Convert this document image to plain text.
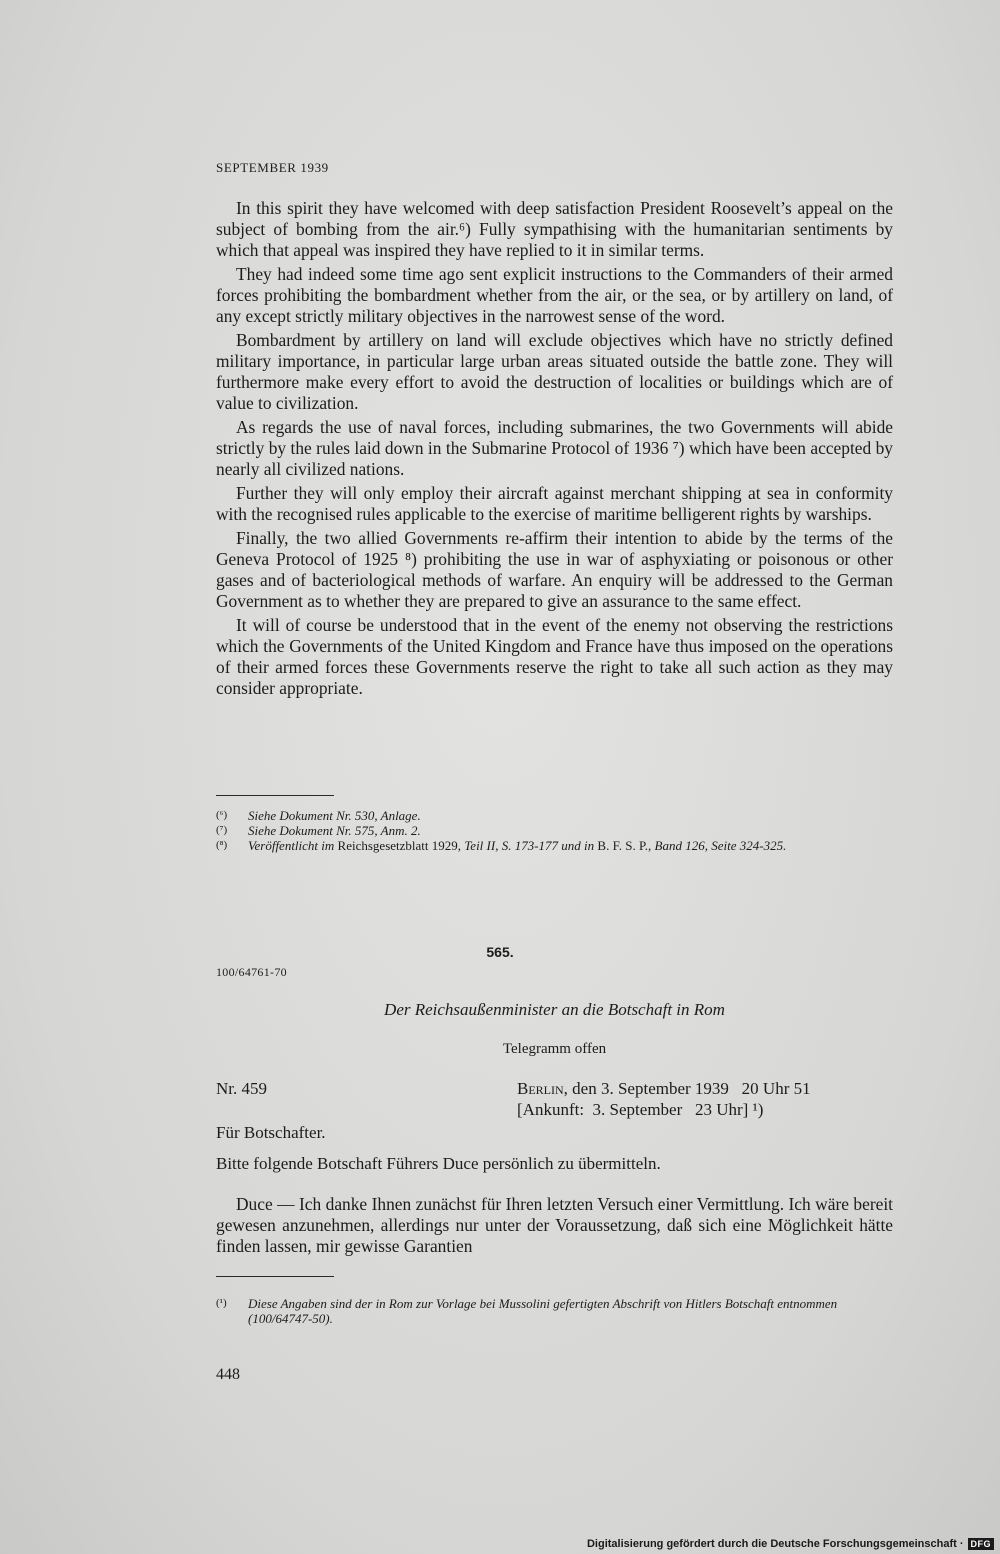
SEPTEMBER 1939

In this spirit they have welcomed with deep satisfaction President Roosevelt’s appeal on the subject of bombing from the air.⁶) Fully sympathising with the humanitarian sentiments by which that appeal was inspired they have replied to it in similar terms.

They had indeed some time ago sent explicit instructions to the Commanders of their armed forces prohibiting the bombardment whether from the air, or the sea, or by artillery on land, of any except strictly military objectives in the narrowest sense of the word.

Bombardment by artillery on land will exclude objectives which have no strictly defined military importance, in particular large urban areas situated outside the battle zone. They will furthermore make every effort to avoid the destruction of localities or buildings which are of value to civilization.

As regards the use of naval forces, including submarines, the two Governments will abide strictly by the rules laid down in the Submarine Protocol of 1936 ⁷) which have been accepted by nearly all civilized nations.

Further they will only employ their aircraft against merchant shipping at sea in conformity with the recognised rules applicable to the exercise of maritime belligerent rights by warships.

Finally, the two allied Governments re-affirm their intention to abide by the terms of the Geneva Protocol of 1925 ⁸) prohibiting the use in war of asphyxiating or poisonous or other gases and of bacteriological methods of warfare. An enquiry will be addressed to the German Government as to whether they are prepared to give an assurance to the same effect.

It will of course be understood that in the event of the enemy not observing the restrictions which the Governments of the United Kingdom and France have thus imposed on the operations of their armed forces these Governments reserve the right to take all such action as they may consider appropriate.

(⁶)	Siehe Dokument Nr. 530, Anlage.
(⁷)	Siehe Dokument Nr. 575, Anm. 2.
(⁸)	Veröffentlicht im Reichsgesetzblatt 1929, Teil II, S. 173-177 und in B. F. S. P., Band 126, Seite 324-325.
565.
100/64761-70
Der Reichsaußenminister an die Botschaft in Rom
Telegramm offen
Nr. 459	Berlin, den 3. September 1939   20 Uhr 51
[Ankunft:  3. September   23 Uhr] ¹)
Für Botschafter.
Bitte folgende Botschaft Führers Duce persönlich zu übermitteln.

Duce — Ich danke Ihnen zunächst für Ihren letzten Versuch einer Vermittlung. Ich wäre bereit gewesen anzunehmen, allerdings nur unter der Voraussetzung, daß sich eine Möglichkeit hätte finden lassen, mir gewisse Garantien

(¹)	Diese Angaben sind der in Rom zur Vorlage bei Mussolini gefertigten Abschrift von Hitlers Botschaft entnommen (100/64747-50).
448
Digitalisierung gefördert durch die Deutsche Forschungsgemeinschaft · DFG
